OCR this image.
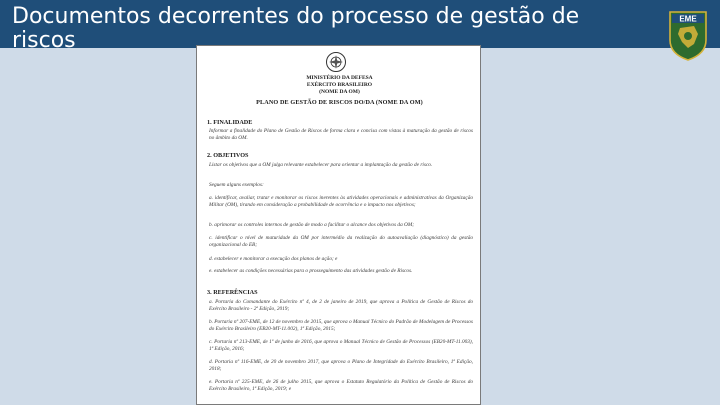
Documentos decorrentes do processo de gestão de riscos
EME
MINISTÉRIO DA DEFESA
EXÉRCITO BRASILEIRO
(NOME DA OM)
PLANO DE GESTÃO DE RISCOS DO/DA (NOME DA OM)
1. FINALIDADE
Informar a finalidade do Plano de Gestão de Riscos de forma clara e concisa com vistas à maturação da gestão de riscos no âmbito da OM.
2. OBJETIVOS
Listar os objetivos que a OM julga relevante estabelecer para orientar a implantação da gestão de risco.
Seguem alguns exemplos:
a. identificar, avaliar, tratar e monitorar os riscos inerentes às atividades operacionais e administrativas da Organização Militar (OM), tirando em consideração a probabilidade de ocorrência e o impacto nos objetivos;
b. aprimorar os controles internos de gestão de modo a facilitar o alcance dos objetivos da OM;
c. identificar o nível de maturidade da OM por intermédio da realização do autoavaliação (diagnóstico) da gestão organizacional do EB;
d. estabelecer e monitorar a execução dos planos de ação; e
e. estabelecer as condições necessárias para o prosseguimento das atividades gestão de Riscos.
3. REFERÊNCIAS
a. Portaria do Comandante do Exército nº 4, de 2 de janeiro de 2019, que aprova a Política de Gestão de Riscos do Exército Brasileiro - 2ª Edição, 2019;
b. Portaria nº 207-EME, de 12 de novembro de 2015, que aprova o Manual Técnico do Padrão de Modelagem de Processos do Exército Brasileiro (EB20-MT-11.002), 1ª Edição, 2015;
c. Portaria nº 213-EME, de 1º de junho de 2016, que aprova o Manual Técnico de Gestão de Processos (EB20-MT-11.003), 1ª Edição, 2016;
d. Portaria nº 116-EME, de 20 de novembro 2017, que aprova o Plano de Integridade do Exército Brasileiro, 1ª Edição, 2018;
e. Portaria nº 225-EME, de 26 de julho 2015, que aprova o Estatuto Regulatório da Política de Gestão de Riscos do Exército Brasileiro, 1ª Edição, 2019; e
